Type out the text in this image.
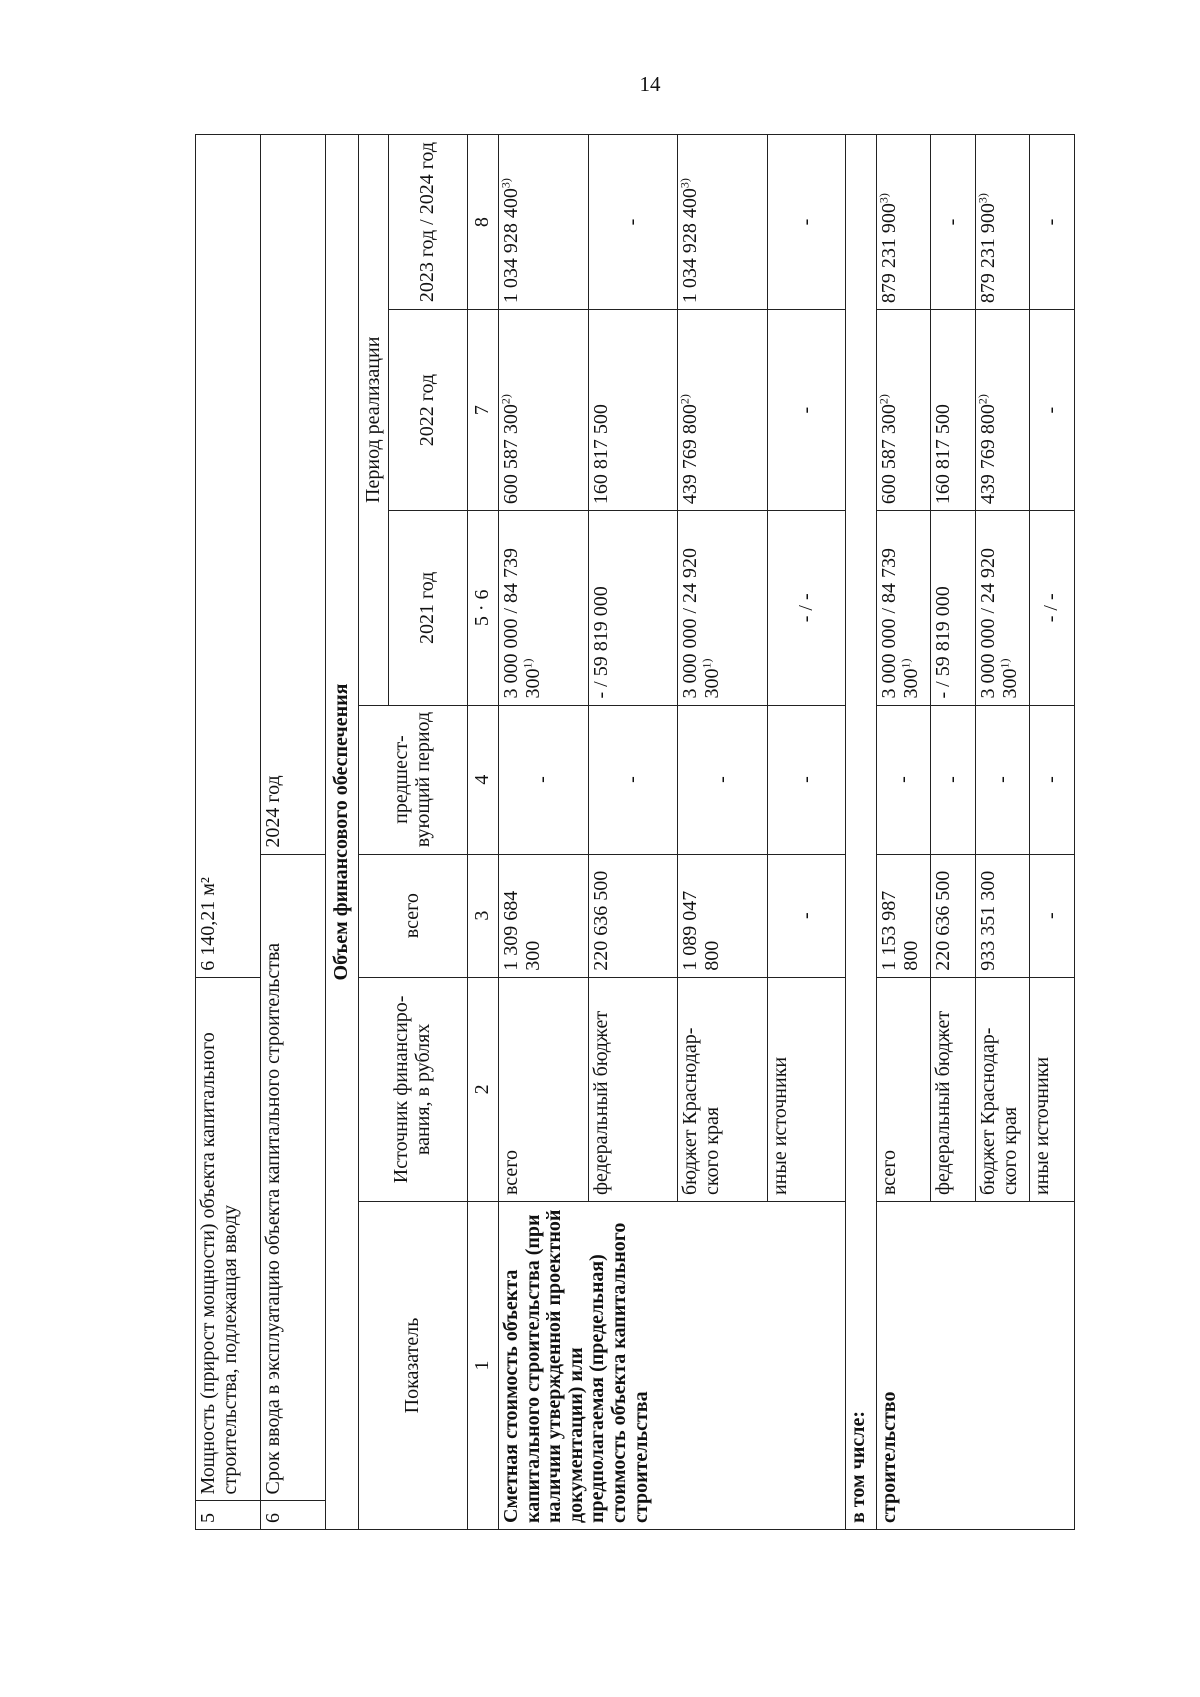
14
5	Мощность (прирост мощности) объекта капитального строительства, подлежащая вводу		6 140,21 м²				
6	Срок ввода в эксплуатацию объекта капитального строительства			2024 год			
Объем финансового обеспечения							
Показатель		Источник финансиро-вания, в рублях	всего	предшест-вующий период	Период реализации		
					2021 год	2022 год	2023 год / 2024 год
1		2	3	4	5 · 6	7	8
Сметная стоимость объекта капитального строительства (при наличии утвержденной проектной документации) или предполагаемая (предельная) стоимость объекта капитального строительства		всего	1 309 684 300	-	3 000 000 / 84 739 300$^{1)}$	600 587 300$^{2)}$	1 034 928 400$^{3)}$
		федеральный бюджет	220 636 500	-	- / 59 819 000	160 817 500	-
		бюджет Краснодар-ского края	1 089 047 800	-	3 000 000 / 24 920 300$^{1)}$	439 769 800$^{2)}$	1 034 928 400$^{3)}$
		иные источники	-	-	- / -	-	-
в том числе:							
строительство		всего	1 153 987 800	-	3 000 000 / 84 739 300$^{1)}$	600 587 300$^{2)}$	879 231 900$^{3)}$
		федеральный бюджет	220 636 500	-	- / 59 819 000	160 817 500	-
		бюджет Краснодар-ского края	933 351 300	-	3 000 000 / 24 920 300$^{1)}$	439 769 800$^{2)}$	879 231 900$^{3)}$
		иные источники	-	-	- / -	-	-
